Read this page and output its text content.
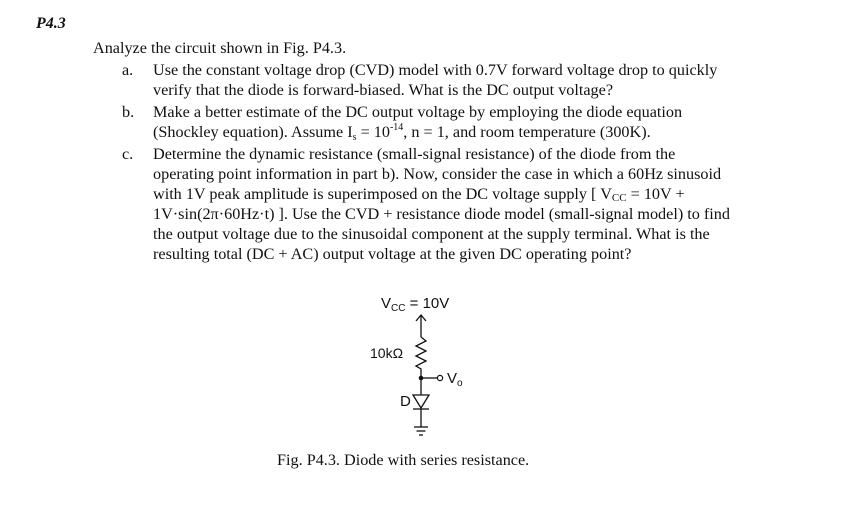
P4.3
Analyze the circuit shown in Fig. P4.3.
a. Use the constant voltage drop (CVD) model with 0.7V forward voltage drop to quickly
verify that the diode is forward-biased. What is the DC output voltage?
b. Make a better estimate of the DC output voltage by employing the diode equation
(Shockley equation). Assume $I_s = 10^{-14}$, n = 1, and room temperature (300K).
c. Determine the dynamic resistance (small-signal resistance) of the diode from the
operating point information in part b). Now, consider the case in which a 60Hz sinusoid
with 1V peak amplitude is superimposed on the DC voltage supply [ VCC = 10V +
1V·sin(2π·60Hz·t) ]. Use the CVD + resistance diode model (small-signal model) to find
the output voltage due to the sinusoidal component at the supply terminal. What is the
resulting total (DC + AC) output voltage at the given DC operating point?
$V_{CC} = 10V$
10kΩ
$V_o$
D
Fig. P4.3. Diode with series resistance.
